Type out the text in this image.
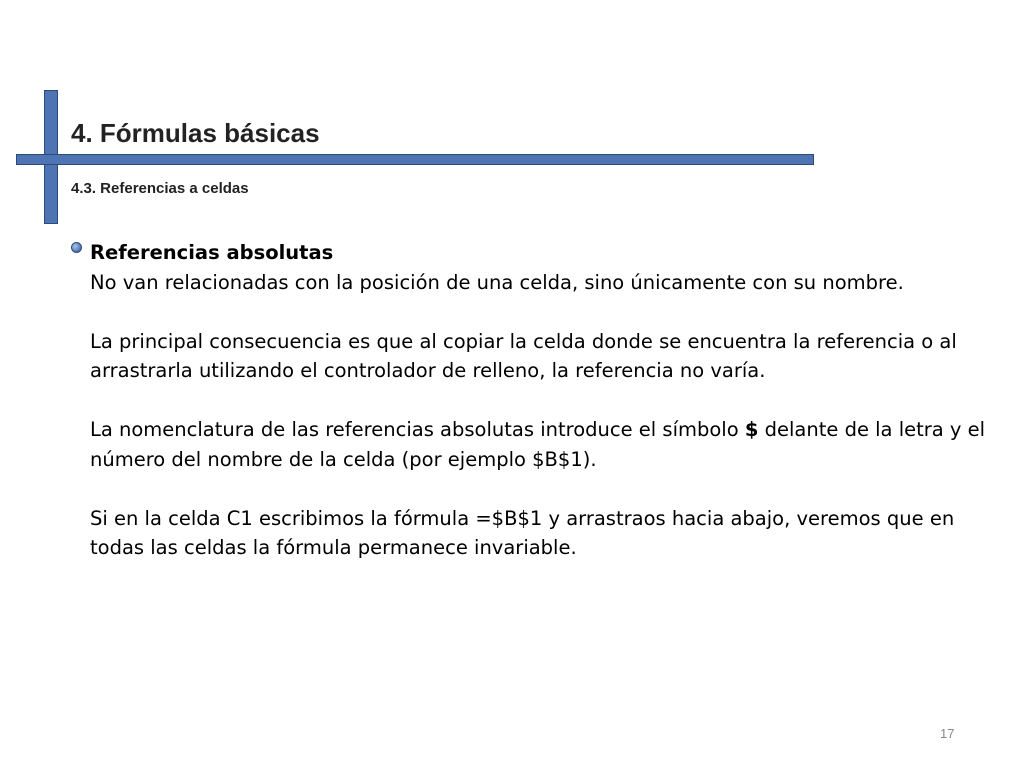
4. Fórmulas básicas
4.3. Referencias a celdas

Referencias absolutas

No van relacionadas con la posición de una celda, sino únicamente con su nombre.

La principal consecuencia es que al copiar la celda donde se encuentra la referencia o al arrastrarla utilizando el controlador de relleno, la referencia no varía.

La nomenclatura de las referencias absolutas introduce el símbolo $ delante de la letra y el número del nombre de la celda (por ejemplo $B$1).

Si en la celda C1 escribimos la fórmula =$B$1 y arrastraos hacia abajo, veremos que en todas las celdas la fórmula permanece invariable.

17
